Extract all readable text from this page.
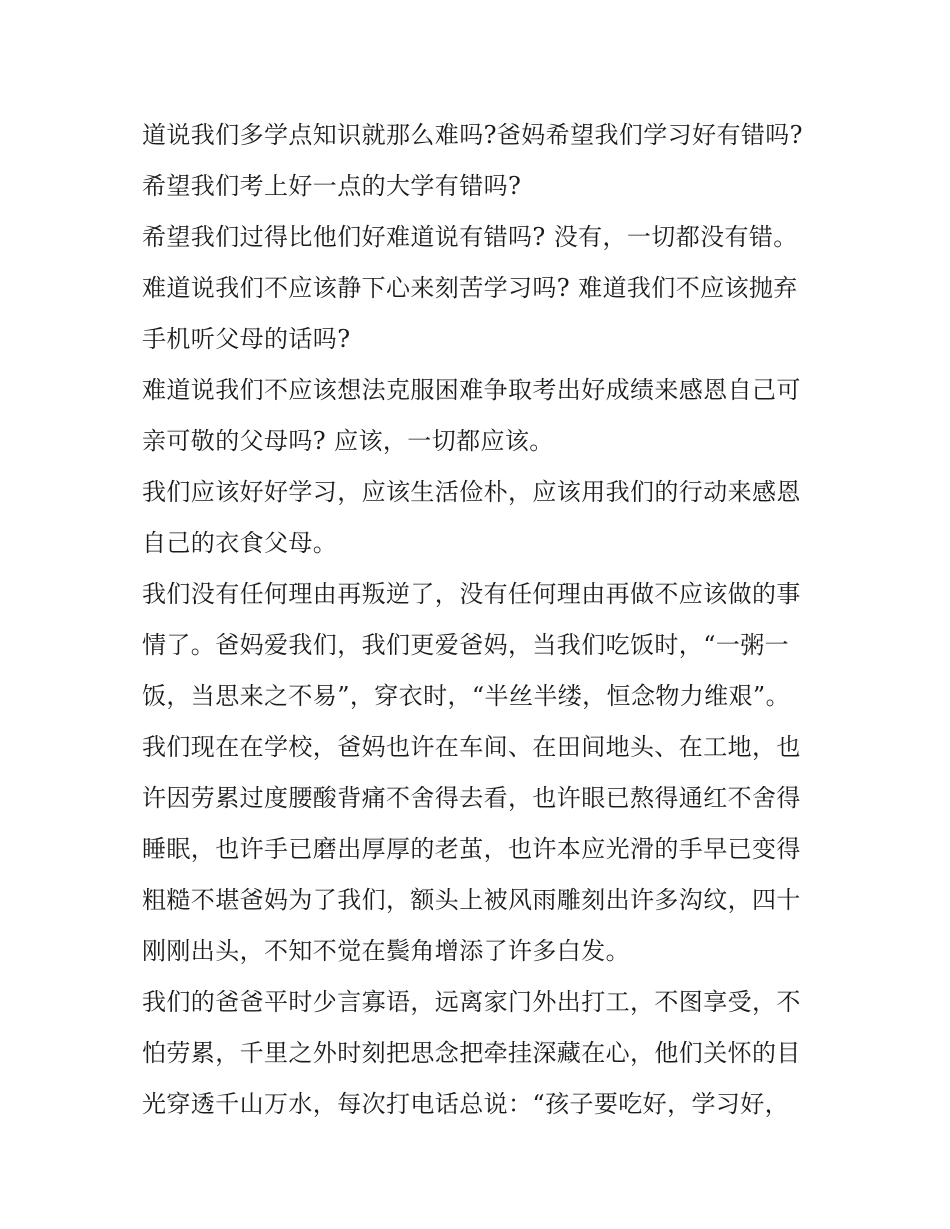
道说我们多学点知识就那么难吗?爸妈希望我们学习好有错吗?
希望我们考上好一点的大学有错吗?
希望我们过得比他们好难道说有错吗? 没有，一切都没有错。
难道说我们不应该静下心来刻苦学习吗? 难道我们不应该抛弃
手机听父母的话吗?
难道说我们不应该想法克服困难争取考出好成绩来感恩自己可
亲可敬的父母吗? 应该，一切都应该。
我们应该好好学习，应该生活俭朴，应该用我们的行动来感恩
自己的衣食父母。
我们没有任何理由再叛逆了，没有任何理由再做不应该做的事
情了。爸妈爱我们，我们更爱爸妈，当我们吃饭时，“一粥一
饭，当思来之不易”，穿衣时，“半丝半缕，恒念物力维艰”。
我们现在在学校，爸妈也许在车间、在田间地头、在工地，也
许因劳累过度腰酸背痛不舍得去看，也许眼已熬得通红不舍得
睡眠，也许手已磨出厚厚的老茧，也许本应光滑的手早已变得
粗糙不堪爸妈为了我们，额头上被风雨雕刻出许多沟纹，四十
刚刚出头，不知不觉在鬓角增添了许多白发。
我们的爸爸平时少言寡语，远离家门外出打工，不图享受，不
怕劳累，千里之外时刻把思念把牵挂深藏在心，他们关怀的目
光穿透千山万水，每次打电话总说：“孩子要吃好，学习好，
